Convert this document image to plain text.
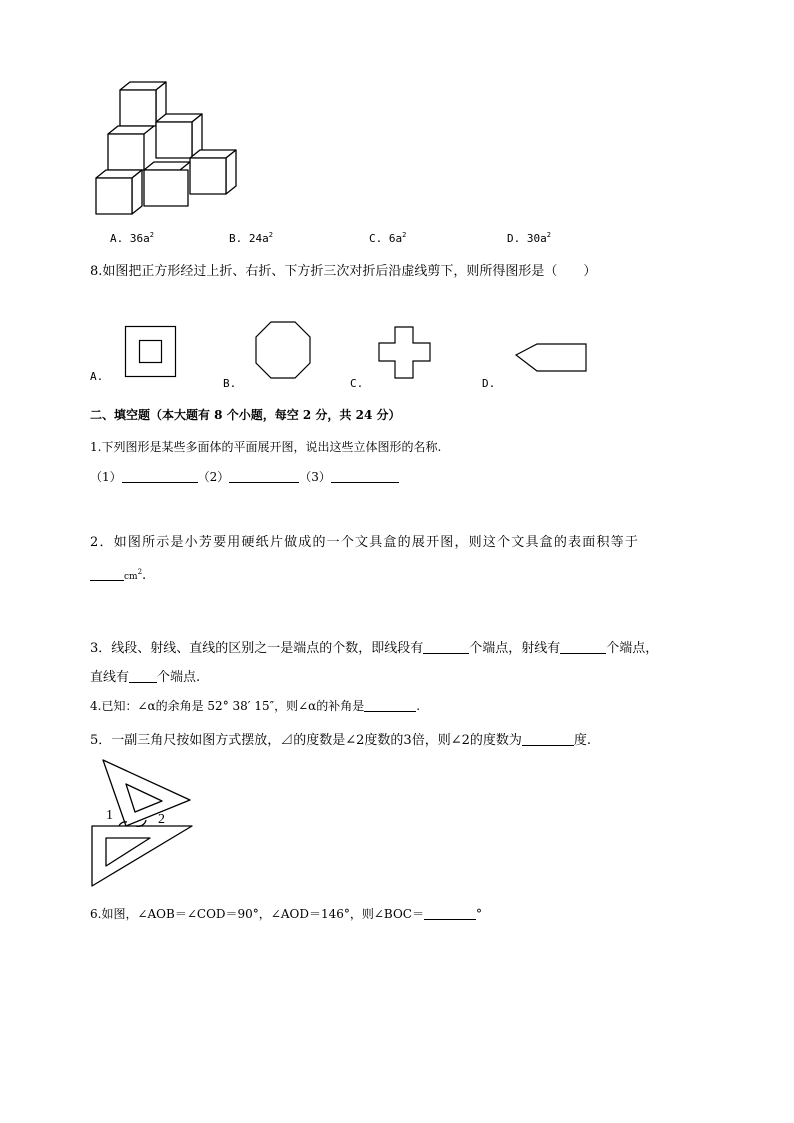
A. $36a^2$	B. $24a^2$	C. $6a^2$	D. $30a^2$
8.如图把正方形经过上折、右折、下方折三次对折后沿虚线剪下，则所得图形是（　　）
A.
B.	C.	D.
二、填空题（本大题有 8 个小题，每空 2 分，共 24 分）
1.下列图形是某些多面体的平面展开图，说出这些立体图形的名称.
（1）	（2）	（3）
2．如图所示是小芳要用硬纸片做成的一个文具盒的展开图，则这个文具盒的表面积等于
$cm^2$.
3．线段、射线、直线的区别之一是端点的个数，即线段有	个端点，射线有	个端点，
直线有 个端点.
4.已知：∠α的余角是 52° 38′ 15″，则∠α的补角是	.
5．一副三角尺按如图方式摆放，⊿的度数是∠2度数的3倍，则∠2的度数为	度.
1	2
6.如图，∠AOB＝∠COD＝90°，∠AOD＝146°，则∠BOC＝	°
